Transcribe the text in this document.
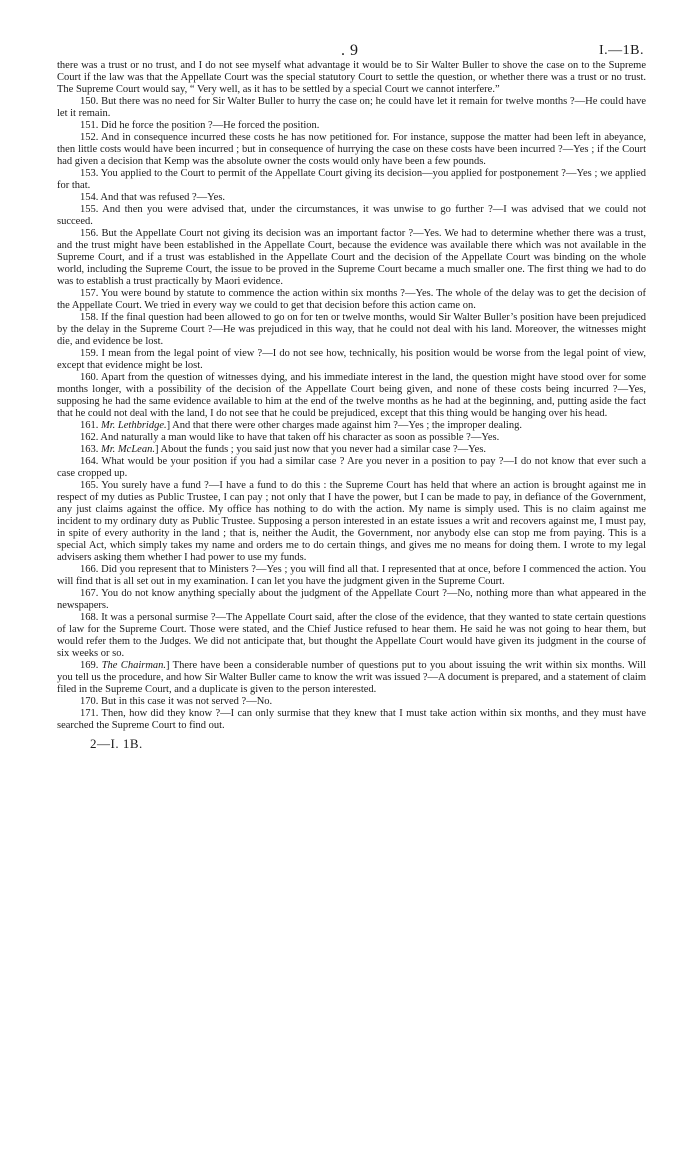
. 9	I.—1B.

there was a trust or no trust, and I do not see myself what advantage it would be to Sir Walter Buller to shove the case on to the Supreme Court if the law was that the Appellate Court was the special statutory Court to settle the question, or whether there was a trust or no trust. The Supreme Court would say, “ Very well, as it has to be settled by a special Court we cannot interfere.”

150. But there was no need for Sir Walter Buller to hurry the case on; he could have let it remain for twelve months ?—He could have let it remain.

151. Did he force the position ?—He forced the position.

152. And in consequence incurred these costs he has now petitioned for. For instance, suppose the matter had been left in abeyance, then little costs would have been incurred ; but in consequence of hurrying the case on these costs have been incurred ?—Yes ; if the Court had given a decision that Kemp was the absolute owner the costs would only have been a few pounds.

153. You applied to the Court to permit of the Appellate Court giving its decision—you applied for postponement ?—Yes ; we applied for that.

154. And that was refused ?—Yes.

155. And then you were advised that, under the circumstances, it was unwise to go further ?—I was advised that we could not succeed.

156. But the Appellate Court not giving its decision was an important factor ?—Yes. We had to determine whether there was a trust, and the trust might have been established in the Appellate Court, because the evidence was available there which was not available in the Supreme Court, and if a trust was established in the Appellate Court and the decision of the Appellate Court was binding on the whole world, including the Supreme Court, the issue to be proved in the Supreme Court became a much smaller one. The first thing we had to do was to establish a trust practically by Maori evidence.

157. You were bound by statute to commence the action within six months ?—Yes. The whole of the delay was to get the decision of the Appellate Court. We tried in every way we could to get that decision before this action came on.

158. If the final question had been allowed to go on for ten or twelve months, would Sir Walter Buller’s position have been prejudiced by the delay in the Supreme Court ?—He was prejudiced in this way, that he could not deal with his land. Moreover, the witnesses might die, and evidence be lost.

159. I mean from the legal point of view ?—I do not see how, technically, his position would be worse from the legal point of view, except that evidence might be lost.

160. Apart from the question of witnesses dying, and his immediate interest in the land, the question might have stood over for some months longer, with a possibility of the decision of the Appellate Court being given, and none of these costs being incurred ?—Yes, supposing he had the same evidence available to him at the end of the twelve months as he had at the beginning, and, putting aside the fact that he could not deal with the land, I do not see that he could be prejudiced, except that this thing would be hanging over his head.

161. Mr. Lethbridge.] And that there were other charges made against him ?—Yes ; the improper dealing.

162. And naturally a man would like to have that taken off his character as soon as possible ?—Yes.

163. Mr. McLean.] About the funds ; you said just now that you never had a similar case ?—Yes.

164. What would be your position if you had a similar case ? Are you never in a position to pay ?—I do not know that ever such a case cropped up.

165. You surely have a fund ?—I have a fund to do this : the Supreme Court has held that where an action is brought against me in respect of my duties as Public Trustee, I can pay ; not only that I have the power, but I can be made to pay, in defiance of the Government, any just claims against the office. My office has nothing to do with the action. My name is simply used. This is no claim against me incident to my ordinary duty as Public Trustee. Supposing a person interested in an estate issues a writ and recovers against me, I must pay, in spite of every authority in the land ; that is, neither the Audit, the Government, nor anybody else can stop me from paying. This is a special Act, which simply takes my name and orders me to do certain things, and gives me no means for doing them. I wrote to my legal advisers asking them whether I had power to use my funds.

166. Did you represent that to Ministers ?—Yes ; you will find all that. I represented that at once, before I commenced the action. You will find that is all set out in my examination. I can let you have the judgment given in the Supreme Court.

167. You do not know anything specially about the judgment of the Appellate Court ?—No, nothing more than what appeared in the newspapers.

168. It was a personal surmise ?—The Appellate Court said, after the close of the evidence, that they wanted to state certain questions of law for the Supreme Court. Those were stated, and the Chief Justice refused to hear them. He said he was not going to hear them, but would refer them to the Judges. We did not anticipate that, but thought the Appellate Court would have given its judgment in the course of six weeks or so.

169. The Chairman.] There have been a considerable number of questions put to you about issuing the writ within six months. Will you tell us the procedure, and how Sir Walter Buller came to know the writ was issued ?—A document is prepared, and a statement of claim filed in the Supreme Court, and a duplicate is given to the person interested.

170. But in this case it was not served ?—No.

171. Then, how did they know ?—I can only surmise that they knew that I must take action within six months, and they must have searched the Supreme Court to find out.

2—I. 1B.
